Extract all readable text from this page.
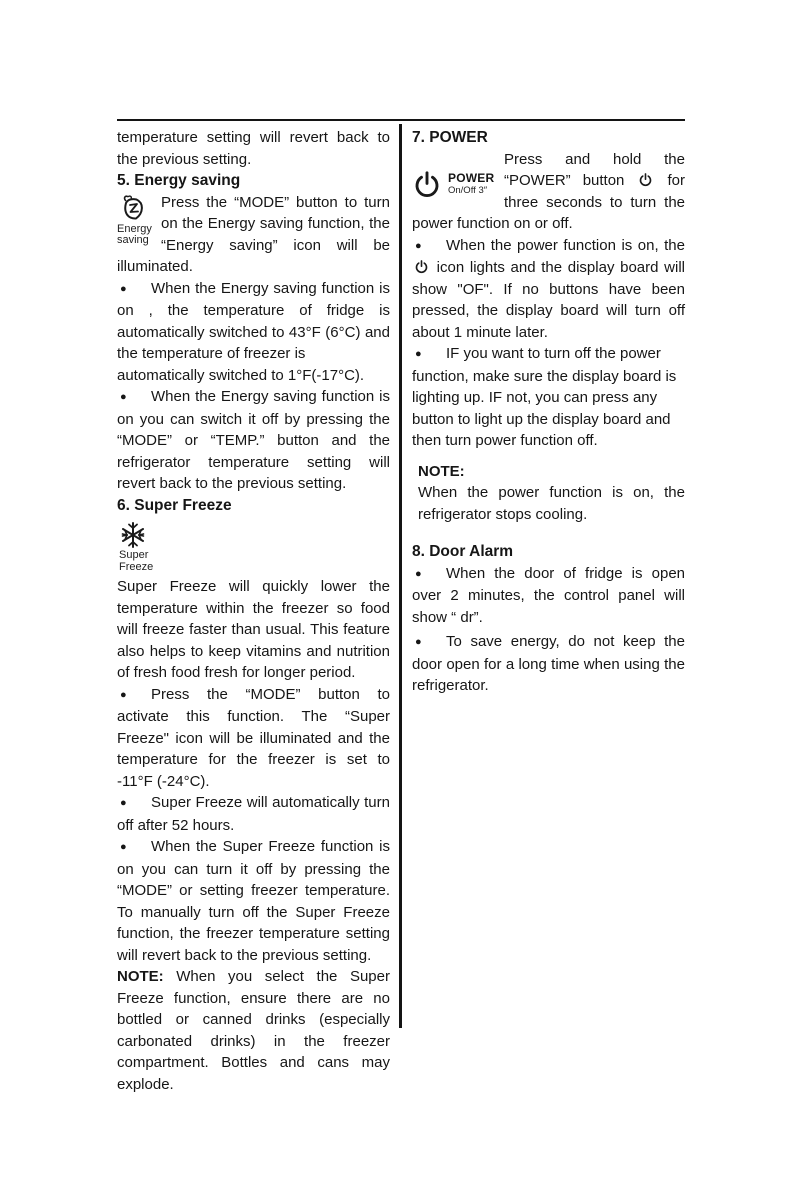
temperature setting will revert back to the previous setting.

5. Energy saving
Energy
saving

Press the “MODE” button to turn on the Energy saving function, the “Energy saving” icon will be illuminated.

● When the Energy saving function is on , the temperature of fridge is automatically switched to 43°F (6°C) and the temperature of freezer is
automatically switched to 1°F(-17°C).

● When the Energy saving function is on you can switch it off by pressing the “MODE” or “TEMP.” button and the refrigerator temperature setting will revert back to the previous setting.

6. Super Freeze
Super
Freeze

Super Freeze will quickly lower the temperature within the freezer so food will freeze faster than usual. This feature also helps to keep vitamins and nutrition of fresh food fresh for longer period.

● Press the “MODE” button to activate this function. The “Super Freeze" icon will be illuminated and the temperature for the freezer is set to -11°F (-24°C).

● Super Freeze will automatically turn off after 52 hours.

● When the Super Freeze function is on you can turn it off by pressing the “MODE” or setting freezer temperature. To manually turn off the Super Freeze function, the freezer temperature setting will revert back to the previous setting.

NOTE: When you select the Super Freeze function, ensure there are no bottled or canned drinks (especially carbonated drinks) in the freezer compartment. Bottles and cans may explode.

7. POWER
POWER
On/Off 3″

Press and hold the “POWER” button  for three seconds to turn the power function on or off.

● When the power function is on, the  icon lights and the display board will show "OF". If no buttons have been pressed, the display board will turn off about 1 minute later.

● IF you want to turn off the power function, make sure the display board is lighting up. IF not, you can press any button to light up the display board and then turn power function off.

NOTE:

When the power function is on, the refrigerator stops cooling.

8. Door Alarm

● When the door of fridge is open over 2 minutes, the control panel will show “ dr”.

● To save energy, do not keep the door open for a long time when using the refrigerator.
